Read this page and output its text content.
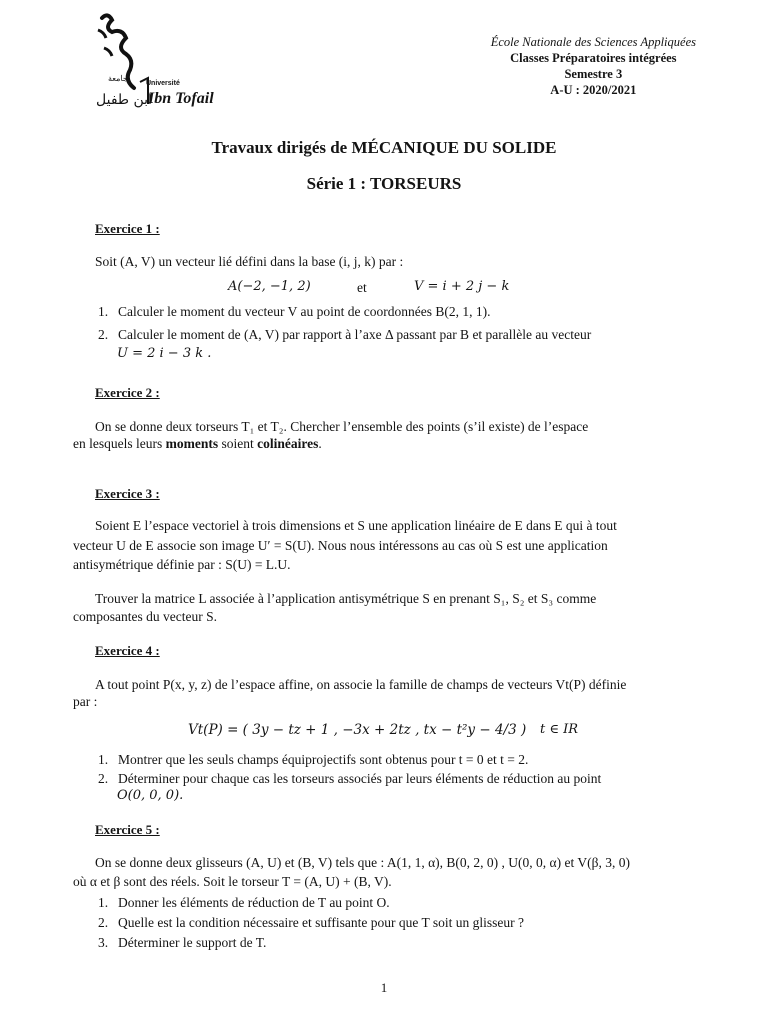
جامعة
ابن طفيل
Université
Ibn Tofail
École Nationale des Sciences Appliquées
Classes Préparatoires intégrées
Semestre 3
A-U : 2020/2021
Travaux dirigés de MÉCANIQUE DU SOLIDE
Série 1 : TORSEURS
Exercice 1 :
Soit (A, V) un vecteur lié défini dans la base (i, j, k) par :
A(−2, −1, 2)	et	V = i + 2 j − k
1. Calculer le moment du vecteur V au point de coordonnées B(2, 1, 1).
2. Calculer le moment de (A, V) par rapport à l’axe Δ passant par B et parallèle au vecteur
U = 2 i − 3 k .
Exercice 2 :
On se donne deux torseurs T₁ et T₂. Chercher l’ensemble des points (s’il existe) de l’espace
en lesquels leurs moments soient colinéaires.
Exercice 3 :
Soient E l’espace vectoriel à trois dimensions et S une application linéaire de E dans E qui à tout
vecteur U de E associe son image U′ = S(U). Nous nous intéressons au cas où S est une application
antisymétrique définie par : S(U) = L.U.
Trouver la matrice L associée à l’application antisymétrique S en prenant S₁, S₂ et S₃ comme
composantes du vecteur S.
Exercice 4 :
A tout point P(x, y, z) de l’espace affine, on associe la famille de champs de vecteurs Vt(P) définie
par :
Vt(P) = ( 3y − tz + 1 , −3x + 2tz , tx − t²y − 4/3 ) t ∈ IR
1. Montrer que les seuls champs équiprojectifs sont obtenus pour t = 0 et t = 2.
2. Déterminer pour chaque cas les torseurs associés par leurs éléments de réduction au point
O(0, 0, 0).
Exercice 5 :
On se donne deux glisseurs (A, U) et (B, V) tels que : A(1, 1, α), B(0, 2, 0) , U(0, 0, α) et V(β, 3, 0)
où α et β sont des réels. Soit le torseur T = (A, U) + (B, V).
1. Donner les éléments de réduction de T au point O.
2. Quelle est la condition nécessaire et suffisante pour que T soit un glisseur ?
3. Déterminer le support de T.
1
